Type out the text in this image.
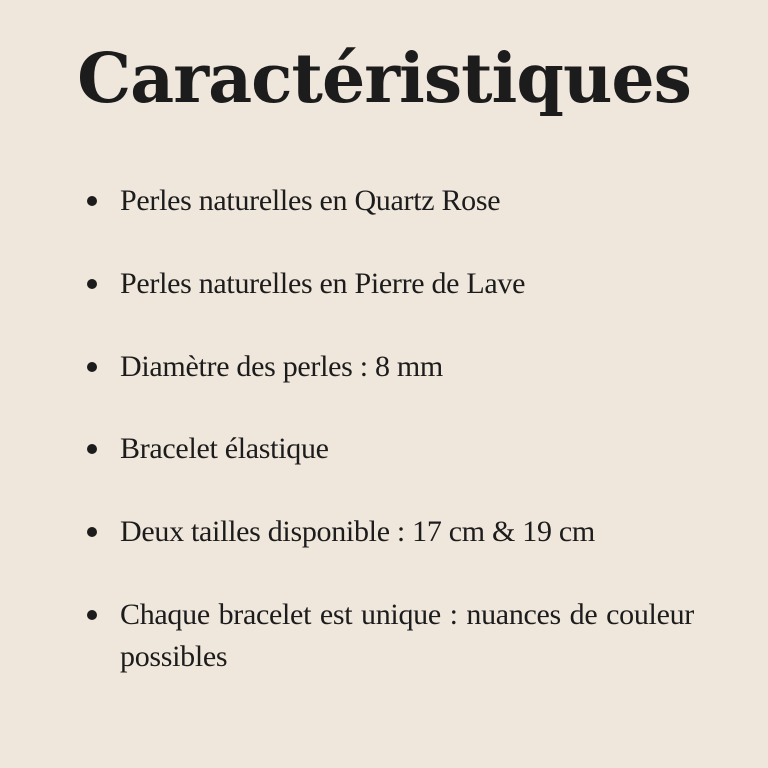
Caractéristiques
Perles naturelles en Quartz Rose
Perles naturelles en Pierre de Lave
Diamètre des perles : 8 mm
Bracelet élastique
Deux tailles disponible : 17 cm & 19 cm
Chaque bracelet est unique : nuances de couleur possibles
